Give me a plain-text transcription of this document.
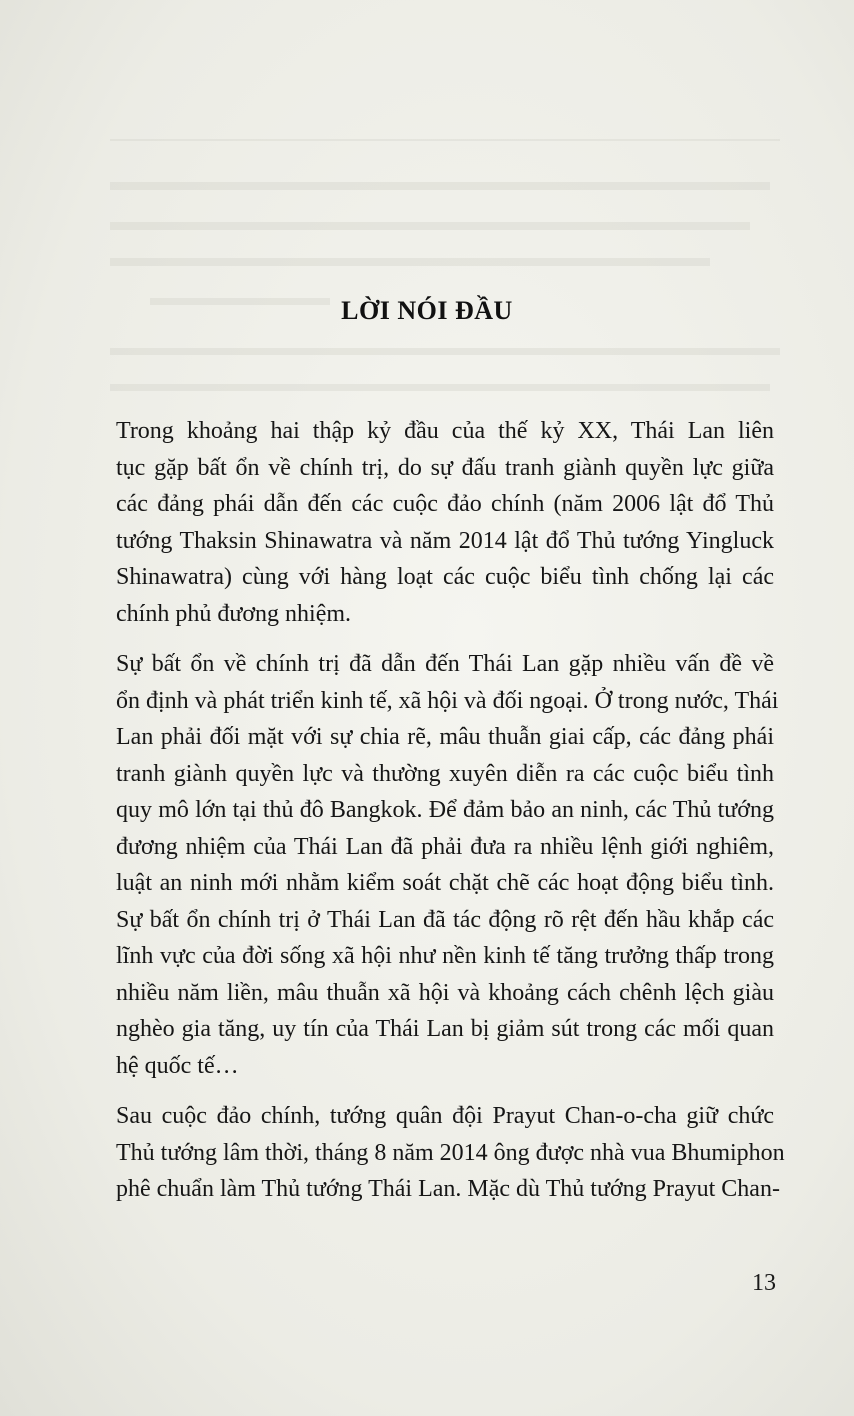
LỜI NÓI ĐẦU

Trong khoảng hai thập kỷ đầu của thế kỷ XX, Thái Lan liên
tục gặp bất ổn về chính trị, do sự đấu tranh giành quyền lực giữa
các đảng phái dẫn đến các cuộc đảo chính (năm 2006 lật đổ Thủ
tướng Thaksin Shinawatra và năm 2014 lật đổ Thủ tướng Yingluck
Shinawatra) cùng với hàng loạt các cuộc biểu tình chống lại các
chính phủ đương nhiệm.

Sự bất ổn về chính trị đã dẫn đến Thái Lan gặp nhiều vấn đề về
ổn định và phát triển kinh tế, xã hội và đối ngoại. Ở trong nước, Thái
Lan phải đối mặt với sự chia rẽ, mâu thuẫn giai cấp, các đảng phái
tranh giành quyền lực và thường xuyên diễn ra các cuộc biểu tình
quy mô lớn tại thủ đô Bangkok. Để đảm bảo an ninh, các Thủ tướng
đương nhiệm của Thái Lan đã phải đưa ra nhiều lệnh giới nghiêm,
luật an ninh mới nhằm kiểm soát chặt chẽ các hoạt động biểu tình.
Sự bất ổn chính trị ở Thái Lan đã tác động rõ rệt đến hầu khắp các
lĩnh vực của đời sống xã hội như nền kinh tế tăng trưởng thấp trong
nhiều năm liền, mâu thuẫn xã hội và khoảng cách chênh lệch giàu
nghèo gia tăng, uy tín của Thái Lan bị giảm sút trong các mối quan
hệ quốc tế…

Sau cuộc đảo chính, tướng quân đội Prayut Chan-o-cha giữ chức
Thủ tướng lâm thời, tháng 8 năm 2014 ông được nhà vua Bhumiphon
phê chuẩn làm Thủ tướng Thái Lan. Mặc dù Thủ tướng Prayut Chan-

13
